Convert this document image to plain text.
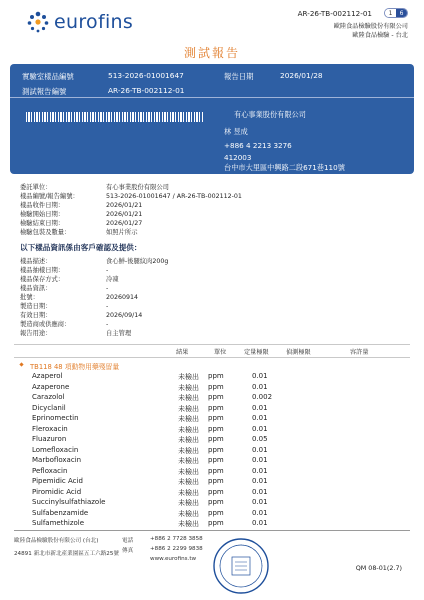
eurofins	AR-26-TB-002112-01	1	6
歐陸食品檢驗股份有限公司
歐陸食品檢驗 - 台北
測試報告
實驗室樣品編號	513-2026-01001647
測試報告編號	AR-26-TB-002112-01
報告日期	2026/01/28
有心事業股份有限公司
林 昱成
+886 4 2213 3276
412003
台中市大里區中興路二段671巷110號
委託單位：	有心事業股份有限公司
樣品編號/報告編號：	513-2026-01001647 / AR-26-TB-002112-01
樣品收件日期：	2026/01/21
檢驗開始日期：	2026/01/21
檢驗結束日期：	2026/01/27
檢驗包裝及數量：	如照片所示
以下樣品資訊係由客戶確認及提供：
樣品描述：	食心鮮-後腿紋肉200g
樣品抽樣日期：	-
樣品保存方式：	冷凍
樣品資訊：	-
批號：	20260914
製造日期：	-
有效日期：	2026/09/14
製造商或供應商：	-
報告用途：	自主管理
結果	單位	定量極限	偵測極限	容許量
TB118 48 項動物用藥殘留量
Azaperol	未檢出 ppm	0.01
Azaperone	未檢出 ppm	0.01
Carazolol	未檢出 ppm	0.002
Dicyclanil	未檢出 ppm	0.01
Eprinomectin	未檢出 ppm	0.01
Fleroxacin	未檢出 ppm	0.01
Fluazuron	未檢出 ppm	0.05
Lomefloxacin	未檢出 ppm	0.01
Marbofloxacin	未檢出 ppm	0.01
Pefloxacin	未檢出 ppm	0.01
Pipemidic Acid	未檢出 ppm	0.01
Piromidic Acid	未檢出 ppm	0.01
Succinylsulfathiazole	未檢出 ppm	0.01
Sulfabenzamide	未檢出 ppm	0.01
Sulfamethizole	未檢出 ppm	0.01
歐陸食品檢驗股份有限公司 (台北)
24891 新北市新北產業園區五工六路25號
電話	+886 2 7728 3858
傳真	+886 2 2299 9838
www.eurofins.tw
QM 08-01(2.7)
